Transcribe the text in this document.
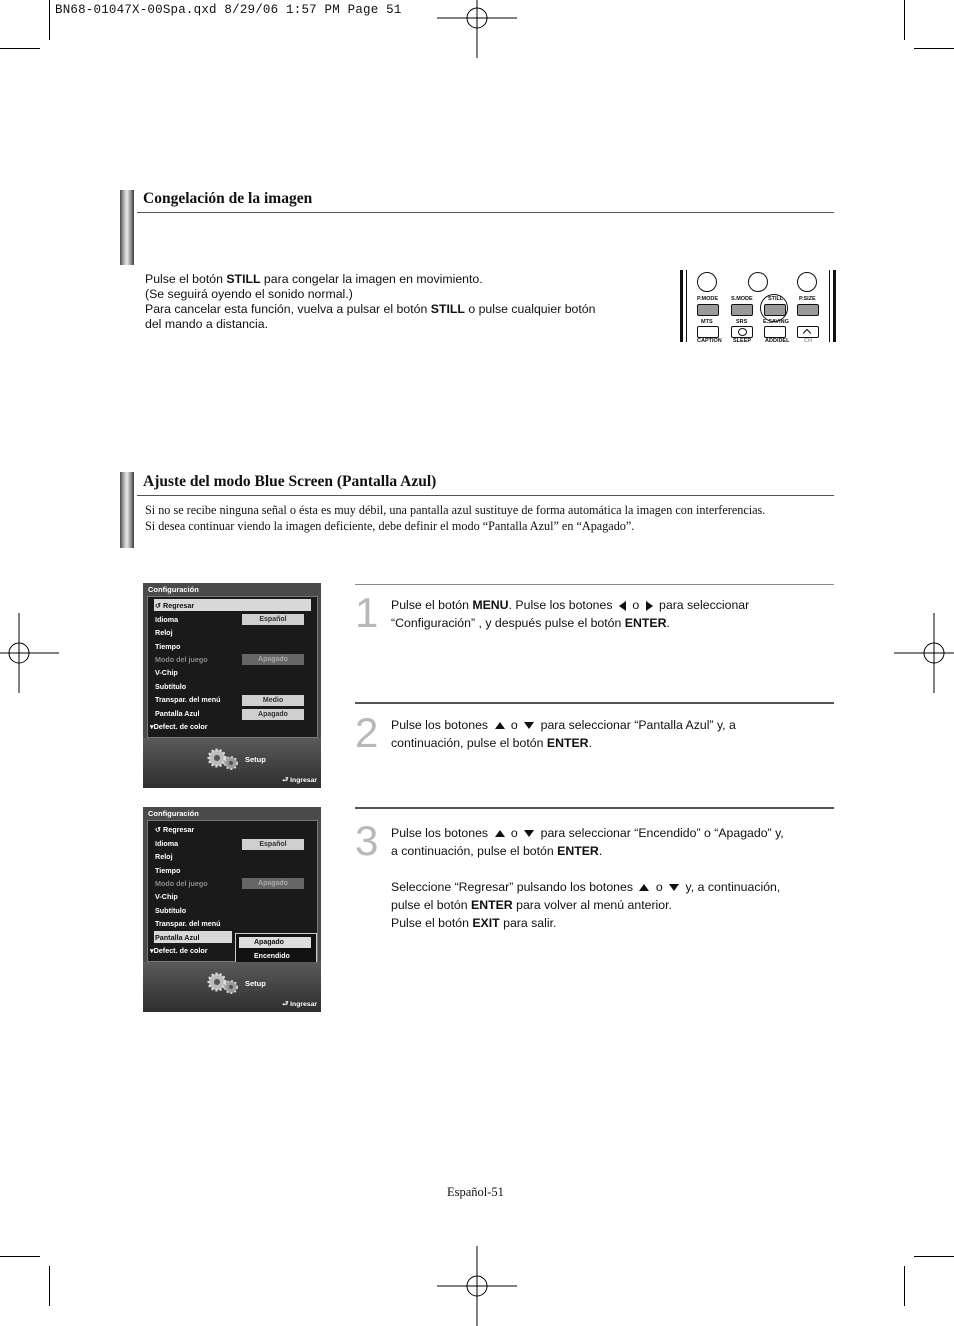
BN68-01047X-00Spa.qxd 8/29/06 1:57 PM Page 51
Congelación de la imagen
Pulse el botón STILL para congelar la imagen en movimiento.
(Se seguirá oyendo el sonido normal.)
Para cancelar esta función, vuelva a pulsar el botón STILL o pulse cualquier botón
del mando a distancia.
P.MODE S.MODE	STILL	P.SIZE
MTS	SRS	E.SAVING
CAPTION SLEEP	ADD/DEL	CH
Ajuste del modo Blue Screen (Pantalla Azul)
Si no se recibe ninguna señal o ésta es muy débil, una pantalla azul sustituye de forma automática la imagen con interferencias.
Si desea continuar viendo la imagen deficiente, debe definir el modo “Pantalla Azul” en “Apagado”.
Configuración
↺ Regresar
Idioma	Español
Reloj
Tiempo
Modo del juego	Apagado
V-Chip
Subtítulo
Transpar. del menú	Medio
Pantalla Azul	Apagado
▾Defect. de color
Setup
⮐ Ingresar
Configuración
↺ Regresar
Idioma	Español
Reloj
Tiempo
Modo del juego	Apagado
V-Chip
Subtítulo
Transpar. del menú
Pantalla Azul
▾Defect. de color
Apagado
Encendido
Setup
⮐ Ingresar
1 Pulse el botón MENU. Pulse los botones  o  para seleccionar
“Configuración” , y después pulse el botón ENTER.
2 Pulse los botones  o  para seleccionar “Pantalla Azul” y, a
continuación, pulse el botón ENTER.
3 Pulse los botones  o  para seleccionar “Encendido” o “Apagado” y,
a continuación, pulse el botón ENTER.
Seleccione “Regresar” pulsando los botones  o  y, a continuación,
pulse el botón ENTER para volver al menú anterior.
Pulse el botón EXIT para salir.
Español-51
